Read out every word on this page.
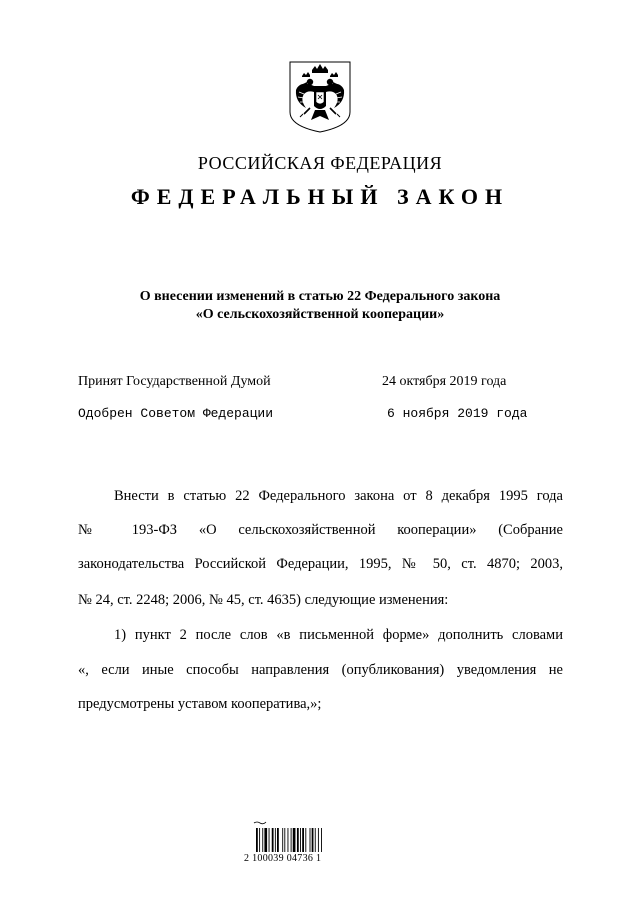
РОССИЙСКАЯ ФЕДЕРАЦИЯ
ФЕДЕРАЛЬНЫЙ ЗАКОН
О внесении изменений в статью 22 Федерального закона
«О сельскохозяйственной кооперации»
Принят Государственной Думой	24 октября 2019 года
Одобрен Советом Федерации	6 ноября 2019 года
Внести в статью 22 Федерального закона от 8 декабря 1995 года
№ 193-ФЗ «О сельскохозяйственной кооперации» (Собрание
законодательства Российской Федерации, 1995, № 50, ст. 4870; 2003,
№ 24, ст. 2248; 2006, № 45, ст. 4635) следующие изменения:
1) пункт 2 после слов «в письменной форме» дополнить словами
«, если иные способы направления (опубликования) уведомления не
предусмотрены уставом кооператива,»;
2 100039 04736 1
